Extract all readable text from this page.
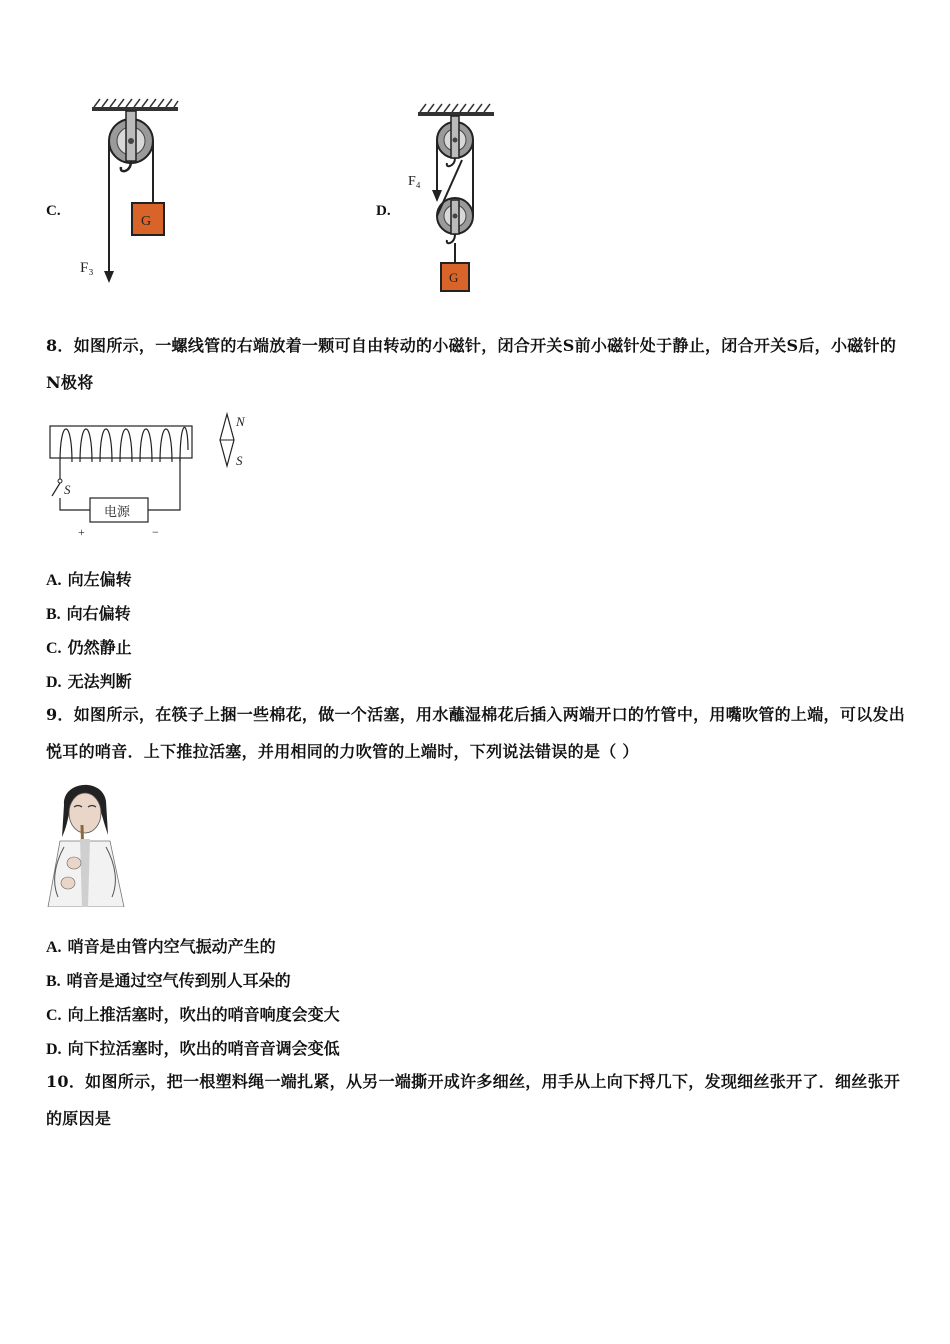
C.
G
F₃
D.
G
F₄
8．如图所示，一螺线管的右端放着一颗可自由转动的小磁针，闭合开关S前小磁针处于静止，闭合开关S后，小磁针的N极将
S
电源
+	−
N
S
A. 向左偏转
B. 向右偏转
C. 仍然静止
D. 无法判断
9．如图所示，在筷子上捆一些棉花，做一个活塞，用水蘸湿棉花后插入两端开口的竹管中，用嘴吹管的上端，可以发出悦耳的哨音．上下推拉活塞，并用相同的力吹管的上端时，下列说法错误的是（ ）
A. 哨音是由管内空气振动产生的
B. 哨音是通过空气传到别人耳朵的
C. 向上推活塞时，吹出的哨音响度会变大
D. 向下拉活塞时，吹出的哨音音调会变低
10．如图所示，把一根塑料绳一端扎紧，从另一端撕开成许多细丝，用手从上向下捋几下，发现细丝张开了．细丝张开的原因是
